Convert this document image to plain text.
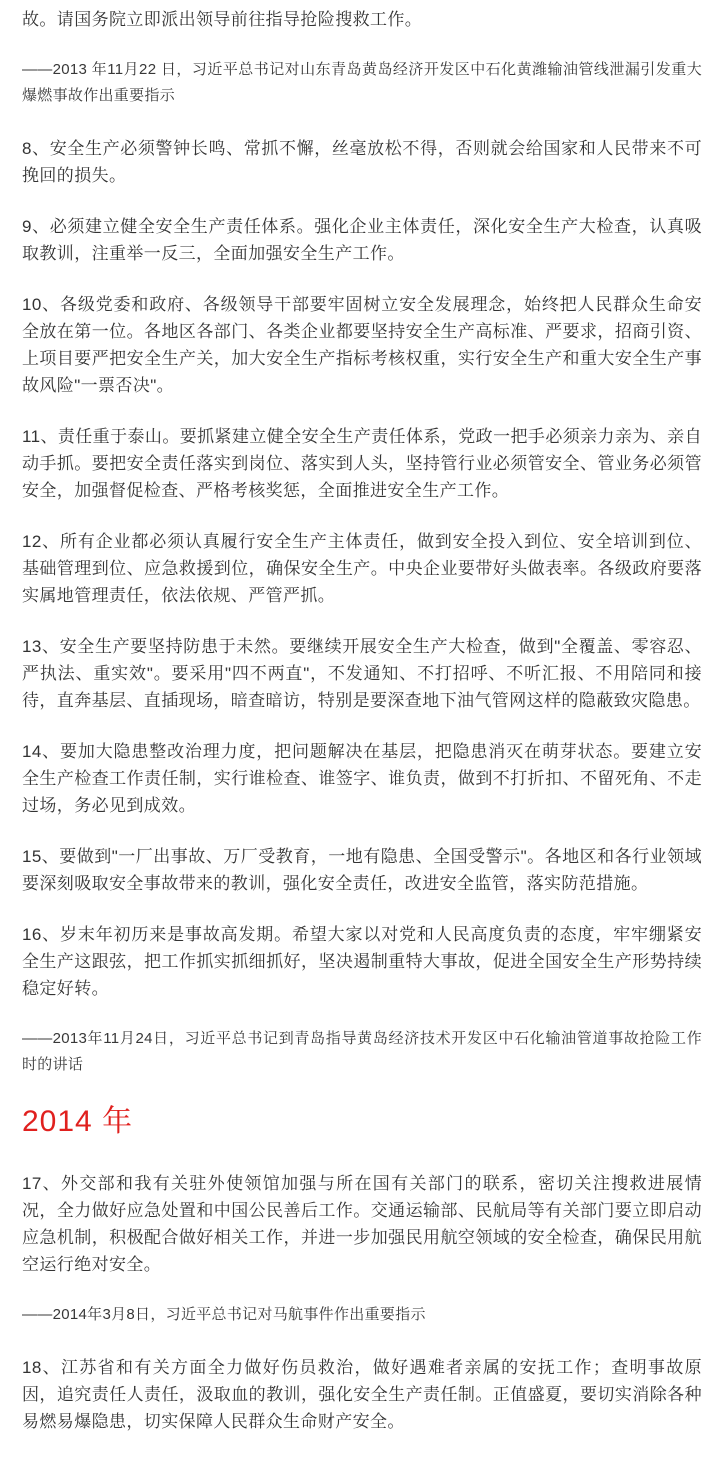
故。请国务院立即派出领导前往指导抢险搜救工作。

——2013 年11月22 日，习近平总书记对山东青岛黄岛经济开发区中石化黄潍输油管线泄漏引发重大爆燃事故作出重要指示

8、安全生产必须警钟长鸣、常抓不懈，丝毫放松不得，否则就会给国家和人民带来不可挽回的损失。

9、必须建立健全安全生产责任体系。强化企业主体责任，深化安全生产大检查，认真吸取教训，注重举一反三，全面加强安全生产工作。

10、各级党委和政府、各级领导干部要牢固树立安全发展理念，始终把人民群众生命安全放在第一位。各地区各部门、各类企业都要坚持安全生产高标准、严要求，招商引资、上项目要严把安全生产关，加大安全生产指标考核权重，实行安全生产和重大安全生产事故风险"一票否决"。

11、责任重于泰山。要抓紧建立健全安全生产责任体系，党政一把手必须亲力亲为、亲自动手抓。要把安全责任落实到岗位、落实到人头，坚持管行业必须管安全、管业务必须管安全，加强督促检查、严格考核奖惩，全面推进安全生产工作。

12、所有企业都必须认真履行安全生产主体责任，做到安全投入到位、安全培训到位、基础管理到位、应急救援到位，确保安全生产。中央企业要带好头做表率。各级政府要落实属地管理责任，依法依规、严管严抓。

13、安全生产要坚持防患于未然。要继续开展安全生产大检查，做到"全覆盖、零容忍、严执法、重实效"。要采用"四不两直"，不发通知、不打招呼、不听汇报、不用陪同和接待，直奔基层、直插现场，暗查暗访，特别是要深查地下油气管网这样的隐蔽致灾隐患。

14、要加大隐患整改治理力度，把问题解决在基层，把隐患消灭在萌芽状态。要建立安全生产检查工作责任制，实行谁检查、谁签字、谁负责，做到不打折扣、不留死角、不走过场，务必见到成效。

15、要做到"一厂出事故、万厂受教育，一地有隐患、全国受警示"。各地区和各行业领域要深刻吸取安全事故带来的教训，强化安全责任，改进安全监管，落实防范措施。

16、岁末年初历来是事故高发期。希望大家以对党和人民高度负责的态度，牢牢绷紧安全生产这跟弦，把工作抓实抓细抓好，坚决遏制重特大事故，促进全国安全生产形势持续稳定好转。

——2013年11月24日，习近平总书记到青岛指导黄岛经济技术开发区中石化输油管道事故抢险工作时的讲话

2014 年

17、外交部和我有关驻外使领馆加强与所在国有关部门的联系，密切关注搜救进展情况，全力做好应急处置和中国公民善后工作。交通运输部、民航局等有关部门要立即启动应急机制，积极配合做好相关工作，并进一步加强民用航空领域的安全检查，确保民用航空运行绝对安全。

——2014年3月8日，习近平总书记对马航事件作出重要指示

18、江苏省和有关方面全力做好伤员救治，做好遇难者亲属的安抚工作；查明事故原因，追究责任人责任，汲取血的教训，强化安全生产责任制。正值盛夏，要切实消除各种易燃易爆隐患，切实保障人民群众生命财产安全。
